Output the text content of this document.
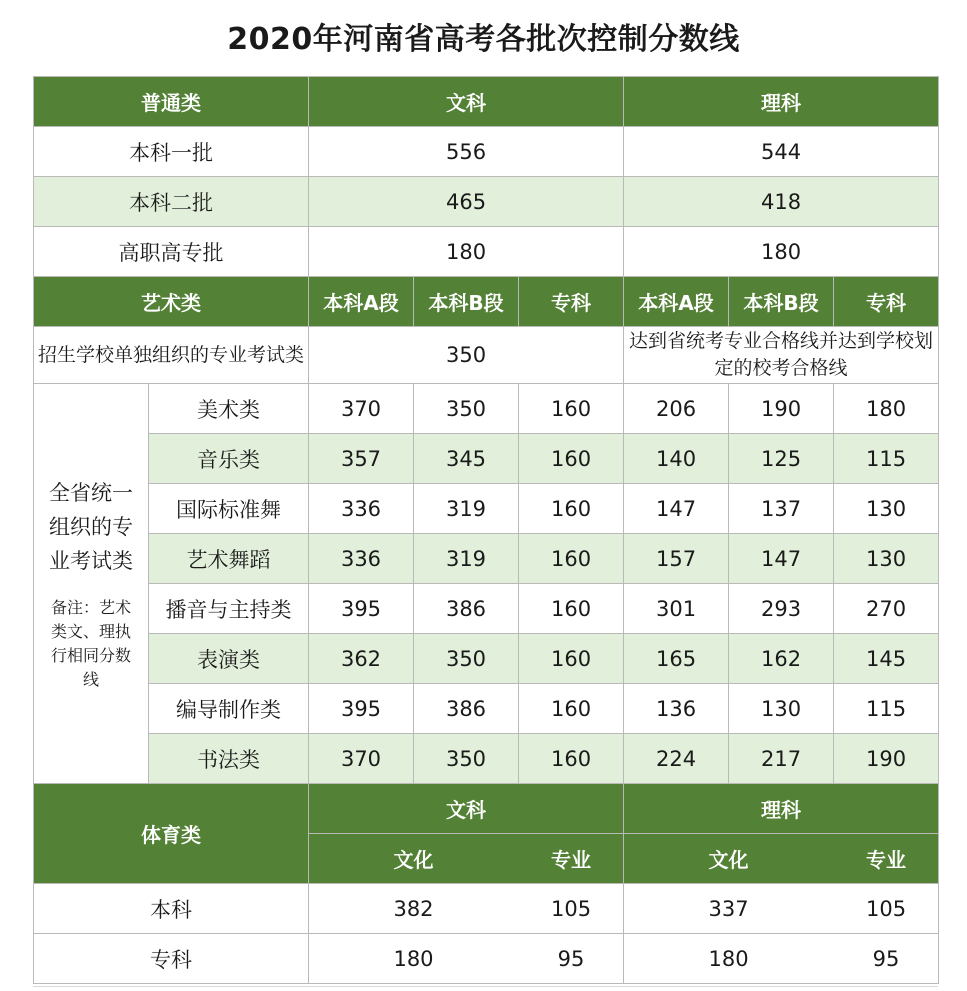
2020年河南省高考各批次控制分数线
普通类		文科			理科		
本科一批		556			544		
本科二批		465			418		
高职高专批		180			180		
艺术类		本科A段	本科B段	专科	本科A段	本科B段	专科
招生学校单独组织的专业考试类		350			达到省统考专业合格线并达到学校划定的校考合格线		

全省统一组织的专业考试类
备注：艺术类文、理执行相同分数线	美术类	370	350	160	206	190	180
	音乐类	357	345	160	140	125	115
	国际标准舞	336	319	160	147	137	130
	艺术舞蹈	336	319	160	157	147	130
	播音与主持类	395	386	160	301	293	270
	表演类	362	350	160	165	162	145
	编导制作类	395	386	160	136	130	115
	书法类	370	350	160	224	217	190
体育类		文科			理科		
		文化		专业	文化		专业
本科		382		105	337		105
专科		180		95	180		95
